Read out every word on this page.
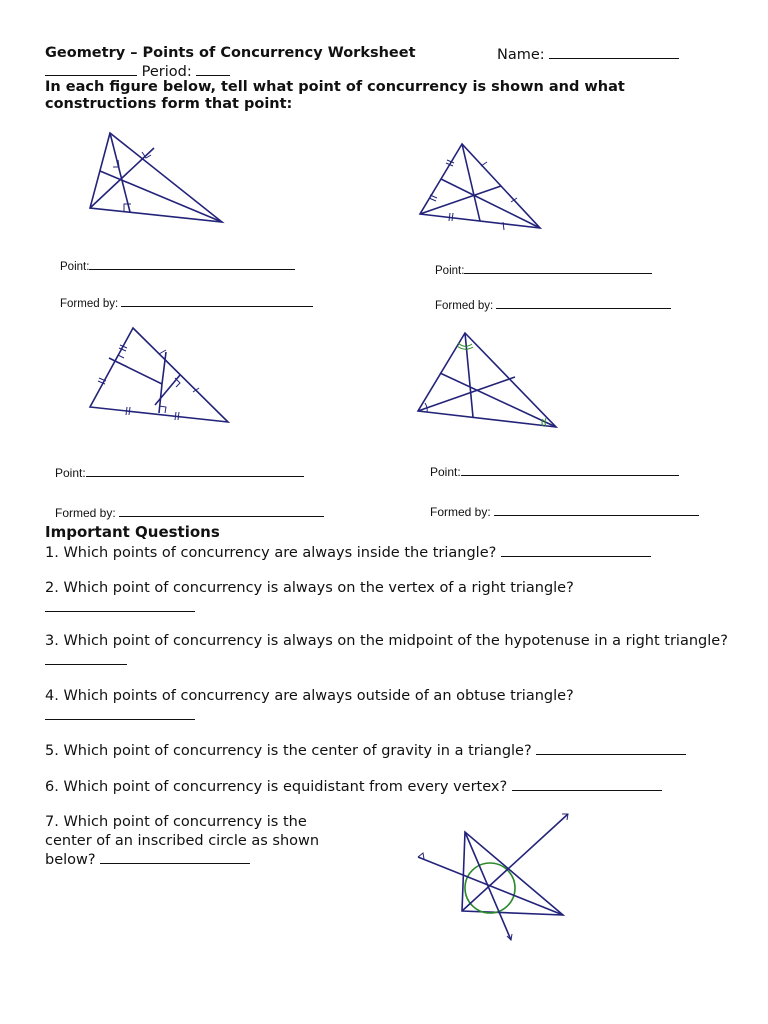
Geometry – Points of Concurrency Worksheet	Name:
Period:
In each figure below, tell what point of concurrency is shown and what constructions form that point:
Point:
Formed by:
Point:
Formed by:
Point:
Formed by:
Point:
Formed by:
Important Questions
1. Which points of concurrency are always inside the triangle?
2. Which point of concurrency is always on the vertex of a right triangle?

3. Which point of concurrency is always on the midpoint of the hypotenuse in a right triangle?
4. Which points of concurrency are always outside of an obtuse triangle?

5. Which point of concurrency is the center of gravity in a triangle?
6. Which point of concurrency is equidistant from every vertex?
7. Which point of concurrency is the center of an inscribed circle as shown below?
